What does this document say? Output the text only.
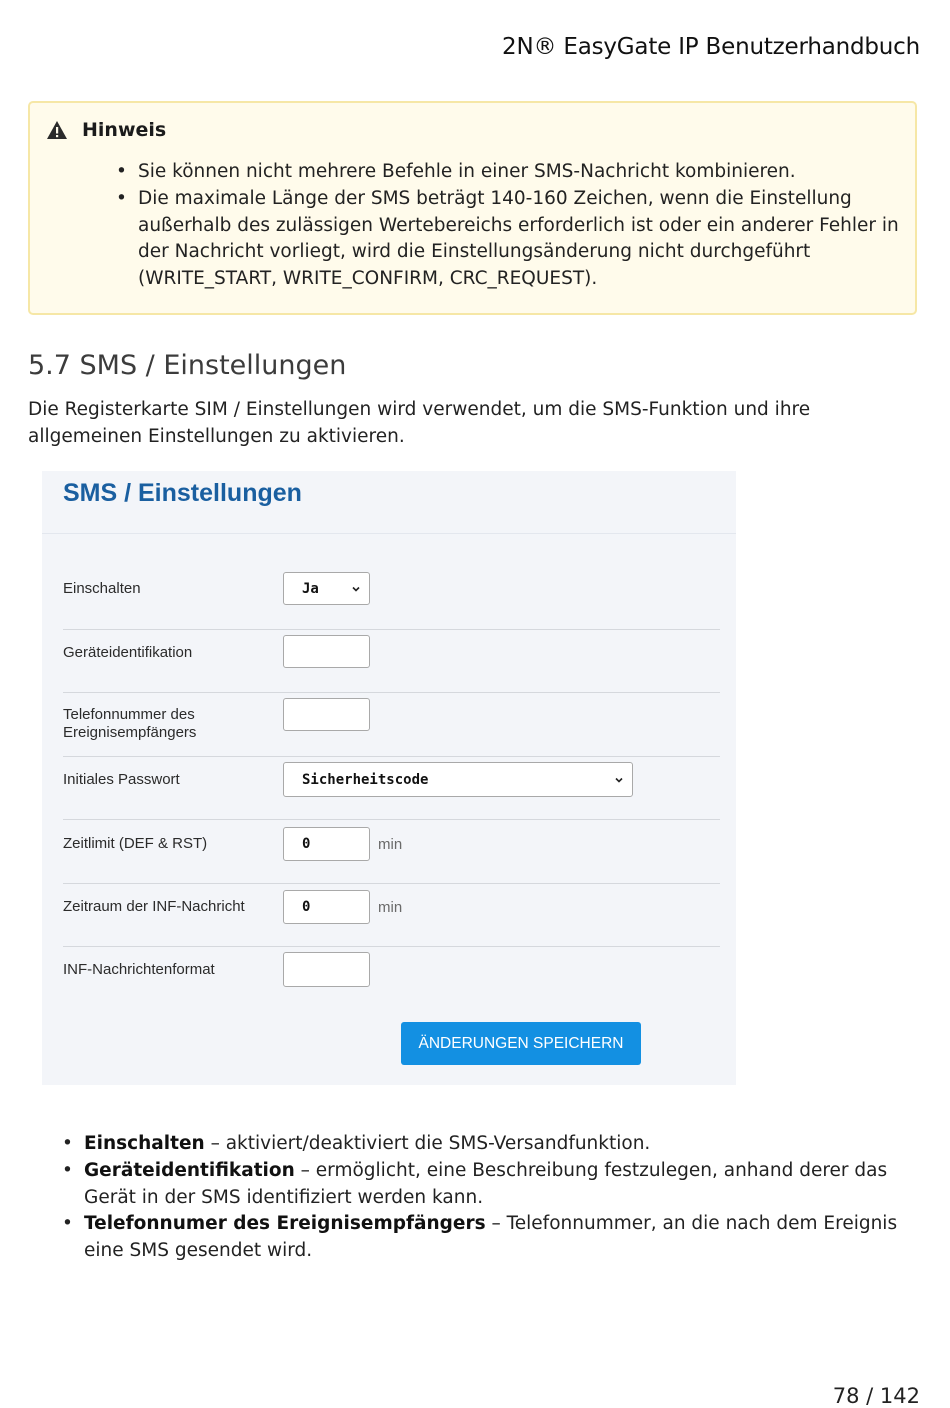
2N® EasyGate IP Benutzerhandbuch
Hinweis
• Sie können nicht mehrere Befehle in einer SMS-Nachricht kombinieren.
• Die maximale Länge der SMS beträgt 140-160 Zeichen, wenn die Einstellung außerhalb des zulässigen Wertebereichs erforderlich ist oder ein anderer Fehler in der Nachricht vorliegt, wird die Einstellungsänderung nicht durchgeführt (WRITE_START, WRITE_CONFIRM, CRC_REQUEST).
5.7 SMS / Einstellungen

Die Registerkarte SIM / Einstellungen wird verwendet, um die SMS-Funktion und ihre allgemeinen Einstellungen zu aktivieren.

SMS / Einstellungen
Einschalten	Ja
Geräteidentifikation
Telefonnummer des Ereignisempfängers
Initiales Passwort	Sicherheitscode
Zeitlimit (DEF & RST)	0	min
Zeitraum der INF-Nachricht	0	min
INF-Nachrichtenformat
ÄNDERUNGEN SPEICHERN
• Einschalten – aktiviert/deaktiviert die SMS-Versandfunktion.
• Geräteidentifikation – ermöglicht, eine Beschreibung festzulegen, anhand derer das Gerät in der SMS identifiziert werden kann.
• Telefonnumer des Ereignisempfängers – Telefonnummer, an die nach dem Ereignis eine SMS gesendet wird.
78 / 142
